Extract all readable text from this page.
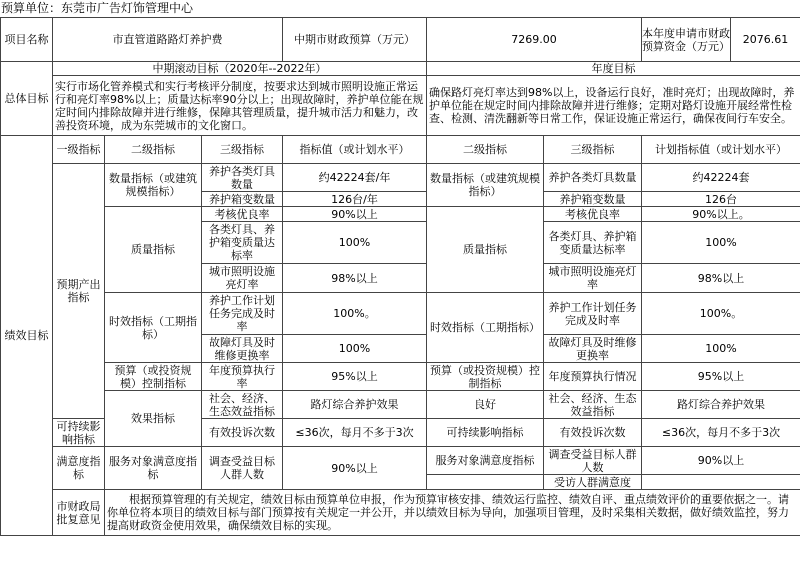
预算单位：东莞市广告灯饰管理中心
项目名称	市直管道路路灯养护费			中期市财政预算（万元）	7269.00		本年度申请市财政预算资金（万元） 2076.61	

总体目标	中期滚动目标（2020年--2022年）				年度目标			
	实行市场化管养模式和实行考核评分制度，按要求达到城市照明设施正常运行和亮灯率98%以上；质量达标率90分以上；出现故障时，养护单位能在规定时间内排除故障并进行维修，保障其管理质量，提升城市活力和魅力，改善投资环境，成为东莞城市的文化窗口。				确保路灯亮灯率达到98%以上，设备运行良好，准时亮灯；出现故障时，养护单位能在规定时间内排除故障并进行维修；定期对路灯设施开展经常性检查、检测、清洗翻新等日常工作，保证设施正常运行，确保夜间行车安全。			
绩效目标	一级指标	二级指标	三级指标	指标值（或计划水平）	二级指标	三级指标	计划指标值（或计划水平）	
	预期产出指标	数量指标（或建筑规模指标）	养护各类灯具数量	约42224套/年	数量指标（或建筑规模指标）	养护各类灯具数量	约42224套	
			养护箱变数量	126台/年		养护箱变数量	126台	
		质量指标	考核优良率	90%以上	质量指标	考核优良率	90%以上。	
			各类灯具、养护箱变质量达标率	100%		各类灯具、养护箱变质量达标率	100%	
			城市照明设施亮灯率	98%以上		城市照明设施亮灯率	98%以上	
		时效指标（工期指标）	养护工作计划任务完成及时率	100%。	时效指标（工期指标）	养护工作计划任务完成及时率	100%。	
			故障灯具及时维修更换率	100%		故障灯具及时维修更换率	100%	
		预算（或投资规模）控制指标	年度预算执行率	95%以上	预算（或投资规模）控制指标	年度预算执行情况	95%以上	
		效果指标	社会、经济、生态效益指标	路灯综合养护效果	良好	社会、经济、生态效益指标	路灯综合养护效果	
	可持续影响指标		有效投诉次数	≤36次，每月不多于3次	可持续影响指标	有效投诉次数	≤36次，每月不多于3次	
	满意度指标	服务对象满意度指标	调查受益目标人群人数	90%以上	服务对象满意度指标	调查受益目标人群人数	90%以上	
						受访人群满意度		
	市财政局批复意见	根据预算管理的有关规定，绩效目标由预算单位申报，作为预算审核安排、绩效运行监控、绩效自评、重点绩效评价的重要依据之一。请你单位将本项目的绩效目标与部门预算按有关规定一并公开，并以绩效目标为导向，加强项目管理，及时采集相关数据，做好绩效监控，努力提高财政资金使用效果，确保绩效目标的实现。						
